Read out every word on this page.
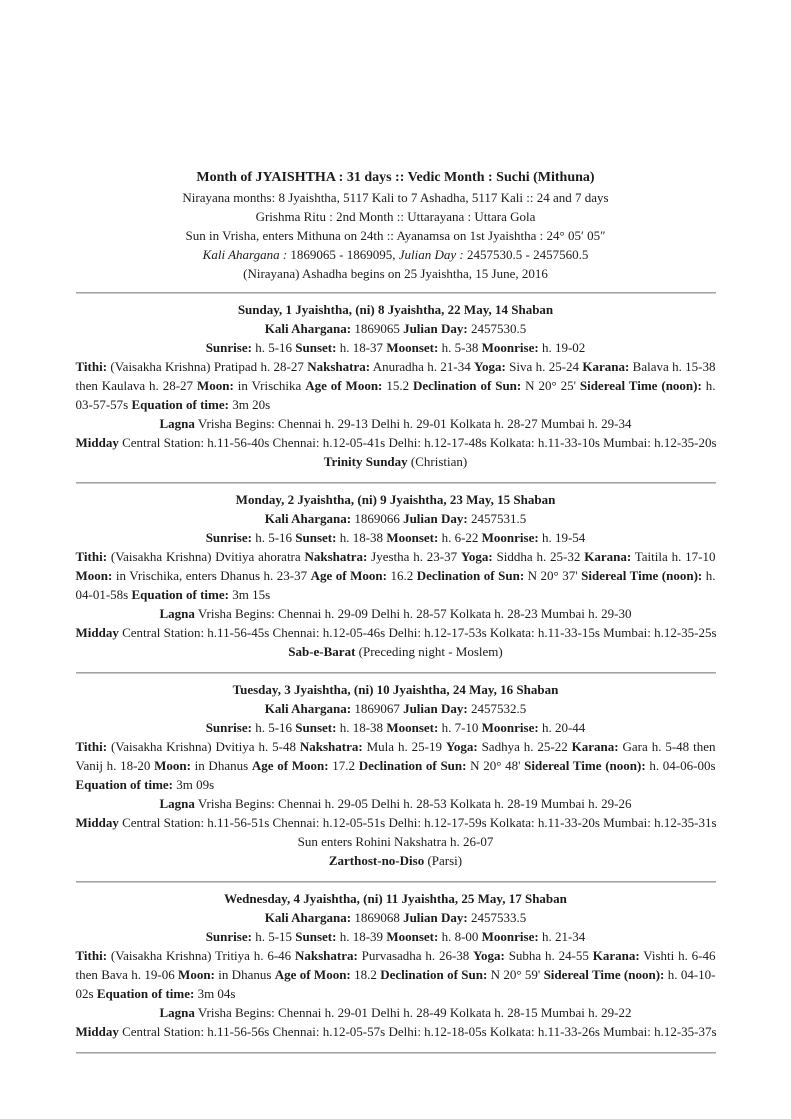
Month of JYAISHTHA : 31 days :: Vedic Month : Suchi (Mithuna)
Nirayana months: 8 Jyaishtha, 5117 Kali to 7 Ashadha, 5117 Kali :: 24 and 7 days
Grishma Ritu : 2nd Month :: Uttarayana : Uttara Gola
Sun in Vrisha, enters Mithuna on 24th :: Ayanamsa on 1st Jyaishtha : 24° 05′ 05″
Kali Ahargana : 1869065 - 1869095, Julian Day : 2457530.5 - 2457560.5
(Nirayana) Ashadha begins on 25 Jyaishtha, 15 June, 2016
Sunday, 1 Jyaishtha, (ni) 8 Jyaishtha, 22 May, 14 Shaban
Kali Ahargana: 1869065 Julian Day: 2457530.5
Sunrise: h. 5-16 Sunset: h. 18-37 Moonset: h. 5-38 Moonrise: h. 19-02
Tithi: (Vaisakha Krishna) Pratipad h. 28-27 Nakshatra: Anuradha h. 21-34 Yoga: Siva h. 25-24 Karana: Balava h. 15-38 then Kaulava h. 28-27 Moon: in Vrischika Age of Moon: 15.2 Declination of Sun: N 20° 25' Sidereal Time (noon): h. 03-57-57s Equation of time: 3m 20s
Lagna Vrisha Begins: Chennai h. 29-13 Delhi h. 29-01 Kolkata h. 28-27 Mumbai h. 29-34
Midday Central Station: h.11-56-40s Chennai: h.12-05-41s Delhi: h.12-17-48s Kolkata: h.11-33-10s Mumbai: h.12-35-20s
Trinity Sunday (Christian)
Monday, 2 Jyaishtha, (ni) 9 Jyaishtha, 23 May, 15 Shaban
Kali Ahargana: 1869066 Julian Day: 2457531.5
Sunrise: h. 5-16 Sunset: h. 18-38 Moonset: h. 6-22 Moonrise: h. 19-54
Tithi: (Vaisakha Krishna) Dvitiya ahoratra Nakshatra: Jyestha h. 23-37 Yoga: Siddha h. 25-32 Karana: Taitila h. 17-10 Moon: in Vrischika, enters Dhanus h. 23-37 Age of Moon: 16.2 Declination of Sun: N 20° 37' Sidereal Time (noon): h. 04-01-58s Equation of time: 3m 15s
Lagna Vrisha Begins: Chennai h. 29-09 Delhi h. 28-57 Kolkata h. 28-23 Mumbai h. 29-30
Midday Central Station: h.11-56-45s Chennai: h.12-05-46s Delhi: h.12-17-53s Kolkata: h.11-33-15s Mumbai: h.12-35-25s
Sab-e-Barat (Preceding night - Moslem)
Tuesday, 3 Jyaishtha, (ni) 10 Jyaishtha, 24 May, 16 Shaban
Kali Ahargana: 1869067 Julian Day: 2457532.5
Sunrise: h. 5-16 Sunset: h. 18-38 Moonset: h. 7-10 Moonrise: h. 20-44
Tithi: (Vaisakha Krishna) Dvitiya h. 5-48 Nakshatra: Mula h. 25-19 Yoga: Sadhya h. 25-22 Karana: Gara h. 5-48 then Vanij h. 18-20 Moon: in Dhanus Age of Moon: 17.2 Declination of Sun: N 20° 48' Sidereal Time (noon): h. 04-06-00s Equation of time: 3m 09s
Lagna Vrisha Begins: Chennai h. 29-05 Delhi h. 28-53 Kolkata h. 28-19 Mumbai h. 29-26
Midday Central Station: h.11-56-51s Chennai: h.12-05-51s Delhi: h.12-17-59s Kolkata: h.11-33-20s Mumbai: h.12-35-31s
Sun enters Rohini Nakshatra h. 26-07
Zarthost-no-Diso (Parsi)
Wednesday, 4 Jyaishtha, (ni) 11 Jyaishtha, 25 May, 17 Shaban
Kali Ahargana: 1869068 Julian Day: 2457533.5
Sunrise: h. 5-15 Sunset: h. 18-39 Moonset: h. 8-00 Moonrise: h. 21-34
Tithi: (Vaisakha Krishna) Tritiya h. 6-46 Nakshatra: Purvasadha h. 26-38 Yoga: Subha h. 24-55 Karana: Vishti h. 6-46 then Bava h. 19-06 Moon: in Dhanus Age of Moon: 18.2 Declination of Sun: N 20° 59' Sidereal Time (noon): h. 04-10-02s Equation of time: 3m 04s
Lagna Vrisha Begins: Chennai h. 29-01 Delhi h. 28-49 Kolkata h. 28-15 Mumbai h. 29-22
Midday Central Station: h.11-56-56s Chennai: h.12-05-57s Delhi: h.12-18-05s Kolkata: h.11-33-26s Mumbai: h.12-35-37s
